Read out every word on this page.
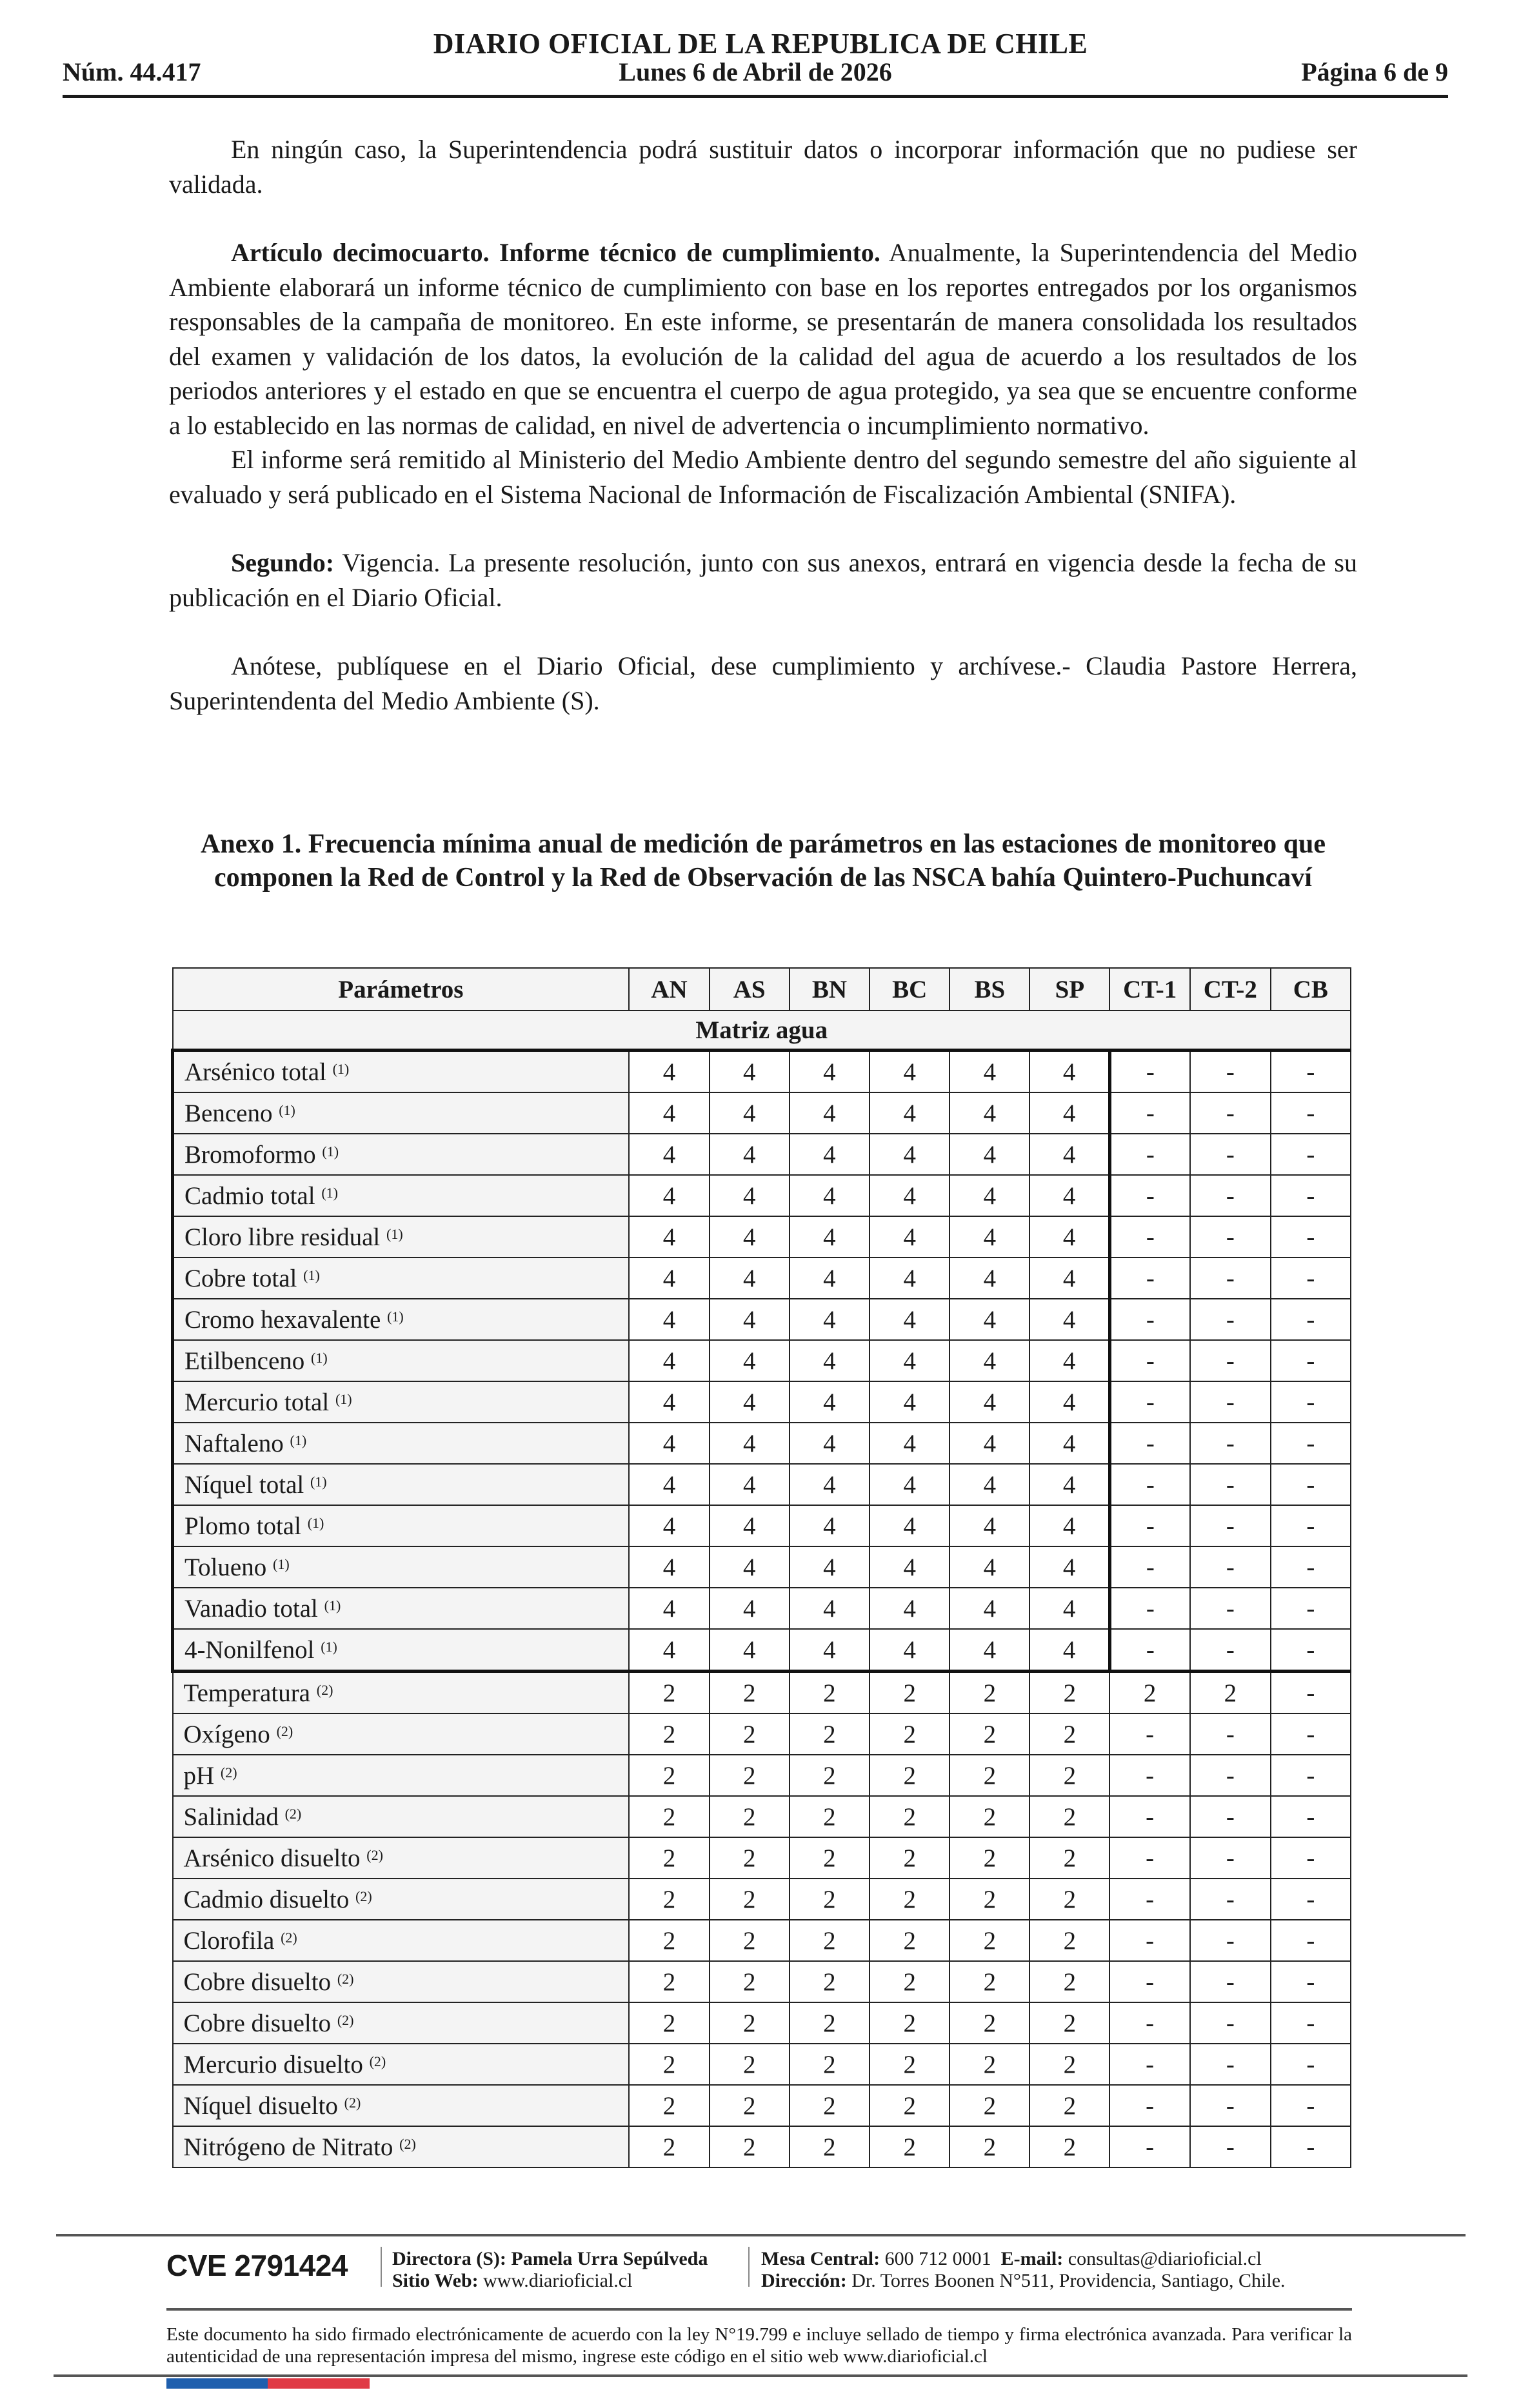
DIARIO OFICIAL DE LA REPUBLICA DE CHILE
Lunes 6 de Abril de 2026
Núm. 44.417	Página 6 de 9

En ningún caso, la Superintendencia podrá sustituir datos o incorporar información que no pudiese ser validada.

Artículo decimocuarto. Informe técnico de cumplimiento. Anualmente, la Superintendencia del Medio Ambiente elaborará un informe técnico de cumplimiento con base en los reportes entregados por los organismos responsables de la campaña de monitoreo. En este informe, se presentarán de manera consolidada los resultados del examen y validación de los datos, la evolución de la calidad del agua de acuerdo a los resultados de los periodos anteriores y el estado en que se encuentra el cuerpo de agua protegido, ya sea que se encuentre conforme a lo establecido en las normas de calidad, en nivel de advertencia o incumplimiento normativo.

El informe será remitido al Ministerio del Medio Ambiente dentro del segundo semestre del año siguiente al evaluado y será publicado en el Sistema Nacional de Información de Fiscalización Ambiental (SNIFA).

Segundo: Vigencia. La presente resolución, junto con sus anexos, entrará en vigencia desde la fecha de su publicación en el Diario Oficial.

Anótese, publíquese en el Diario Oficial, dese cumplimiento y archívese.- Claudia Pastore Herrera, Superintendenta del Medio Ambiente (S).

Anexo 1. Frecuencia mínima anual de medición de parámetros en las estaciones de monitoreo que componen la Red de Control y la Red de Observación de las NSCA bahía Quintero-Puchuncaví
Parámetros	AN	AS	BN	BC	BS	SP	CT-1	CT-2	CB
Matriz agua									
Arsénico total $^{(1)}$	4	4	4	4	4	4	-	-	-
Benceno $^{(1)}$	4	4	4	4	4	4	-	-	-
Bromoformo $^{(1)}$	4	4	4	4	4	4	-	-	-
Cadmio total $^{(1)}$	4	4	4	4	4	4	-	-	-
Cloro libre residual $^{(1)}$	4	4	4	4	4	4	-	-	-
Cobre total $^{(1)}$	4	4	4	4	4	4	-	-	-
Cromo hexavalente $^{(1)}$	4	4	4	4	4	4	-	-	-
Etilbenceno $^{(1)}$	4	4	4	4	4	4	-	-	-
Mercurio total $^{(1)}$	4	4	4	4	4	4	-	-	-
Naftaleno $^{(1)}$	4	4	4	4	4	4	-	-	-
Níquel total $^{(1)}$	4	4	4	4	4	4	-	-	-
Plomo total $^{(1)}$	4	4	4	4	4	4	-	-	-
Tolueno $^{(1)}$	4	4	4	4	4	4	-	-	-
Vanadio total $^{(1)}$	4	4	4	4	4	4	-	-	-
4-Nonilfenol $^{(1)}$	4	4	4	4	4	4	-	-	-
Temperatura $^{(2)}$	2	2	2	2	2	2	2	2	-
Oxígeno $^{(2)}$	2	2	2	2	2	2	-	-	-
pH $^{(2)}$	2	2	2	2	2	2	-	-	-
Salinidad $^{(2)}$	2	2	2	2	2	2	-	-	-
Arsénico disuelto $^{(2)}$	2	2	2	2	2	2	-	-	-
Cadmio disuelto $^{(2)}$	2	2	2	2	2	2	-	-	-
Clorofila $^{(2)}$	2	2	2	2	2	2	-	-	-
Cobre disuelto $^{(2)}$	2	2	2	2	2	2	-	-	-
Cobre disuelto $^{(2)}$	2	2	2	2	2	2	-	-	-
Mercurio disuelto $^{(2)}$	2	2	2	2	2	2	-	-	-
Níquel disuelto $^{(2)}$	2	2	2	2	2	2	-	-	-
Nitrógeno de Nitrato $^{(2)}$	2	2	2	2	2	2	-	-	-
CVE 2791424 Directora (S): Pamela Urra Sepúlveda
Sitio Web: www.diarioficial.cl
Mesa Central: 600 712 0001 E-mail: consultas@diarioficial.cl
Dirección: Dr. Torres Boonen N°511, Providencia, Santiago, Chile.
Este documento ha sido firmado electrónicamente de acuerdo con la ley N°19.799 e incluye sellado de tiempo y firma electrónica avanzada. Para verificar la autenticidad de una representación impresa del mismo, ingrese este código en el sitio web www.diarioficial.cl
